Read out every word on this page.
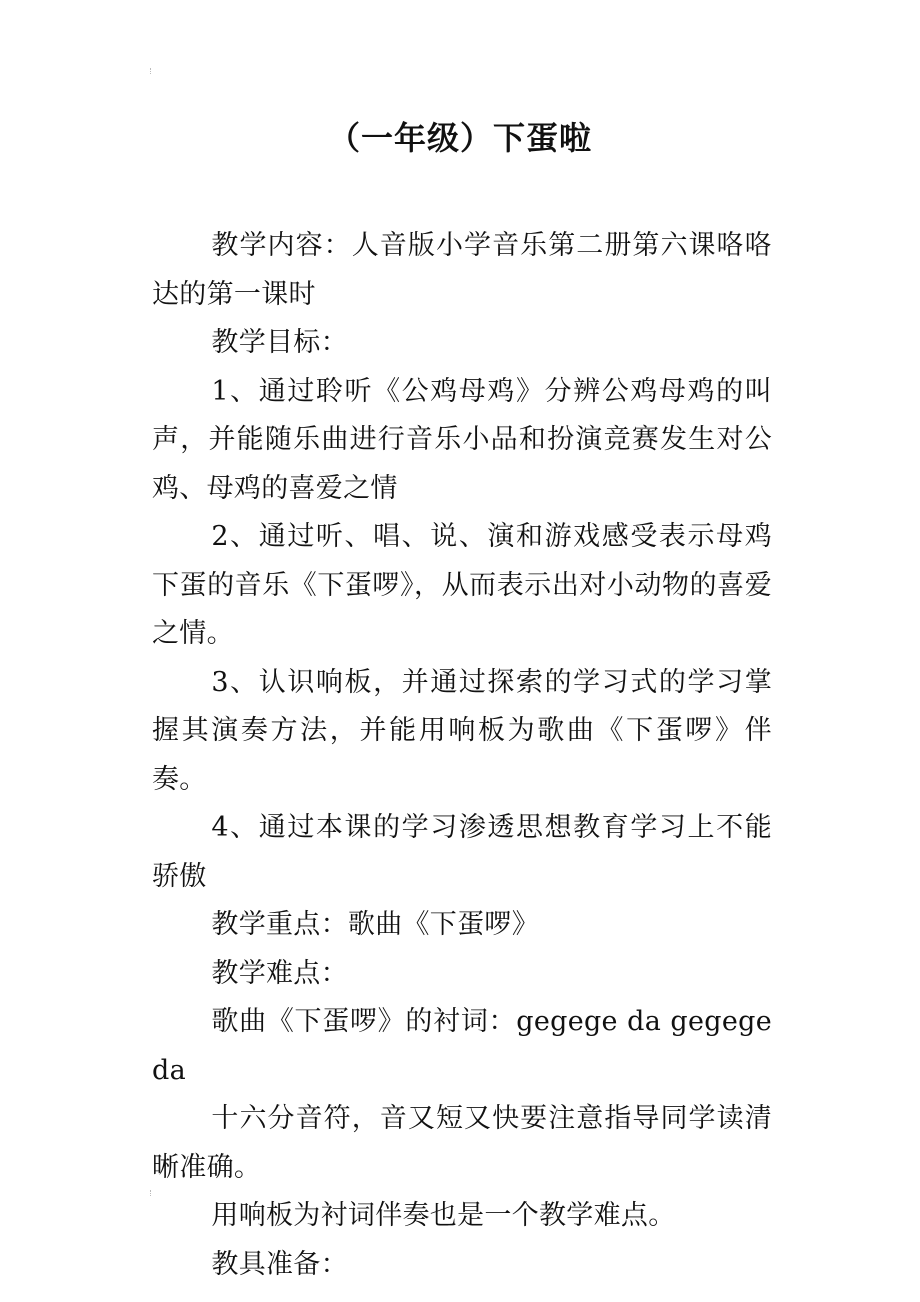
（一年级）下蛋啦

教学内容：人音版小学音乐第二册第六课咯咯达的第一课时

教学目标：

1、通过聆听《公鸡母鸡》分辨公鸡母鸡的叫声，并能随乐曲进行音乐小品和扮演竞赛发生对公鸡、母鸡的喜爱之情

2、通过听、唱、说、演和游戏感受表示母鸡下蛋的音乐《下蛋啰》，从而表示出对小动物的喜爱之情。

3、认识响板，并通过探索的学习式的学习掌握其演奏方法，并能用响板为歌曲《下蛋啰》伴奏。

4、通过本课的学习渗透思想教育学习上不能骄傲

教学重点：歌曲《下蛋啰》

教学难点：

歌曲《下蛋啰》的衬词：gegege da gegege da

十六分音符，音又短又快要注意指导同学读清晰准确。

用响板为衬词伴奏也是一个教学难点。

教具准备：
